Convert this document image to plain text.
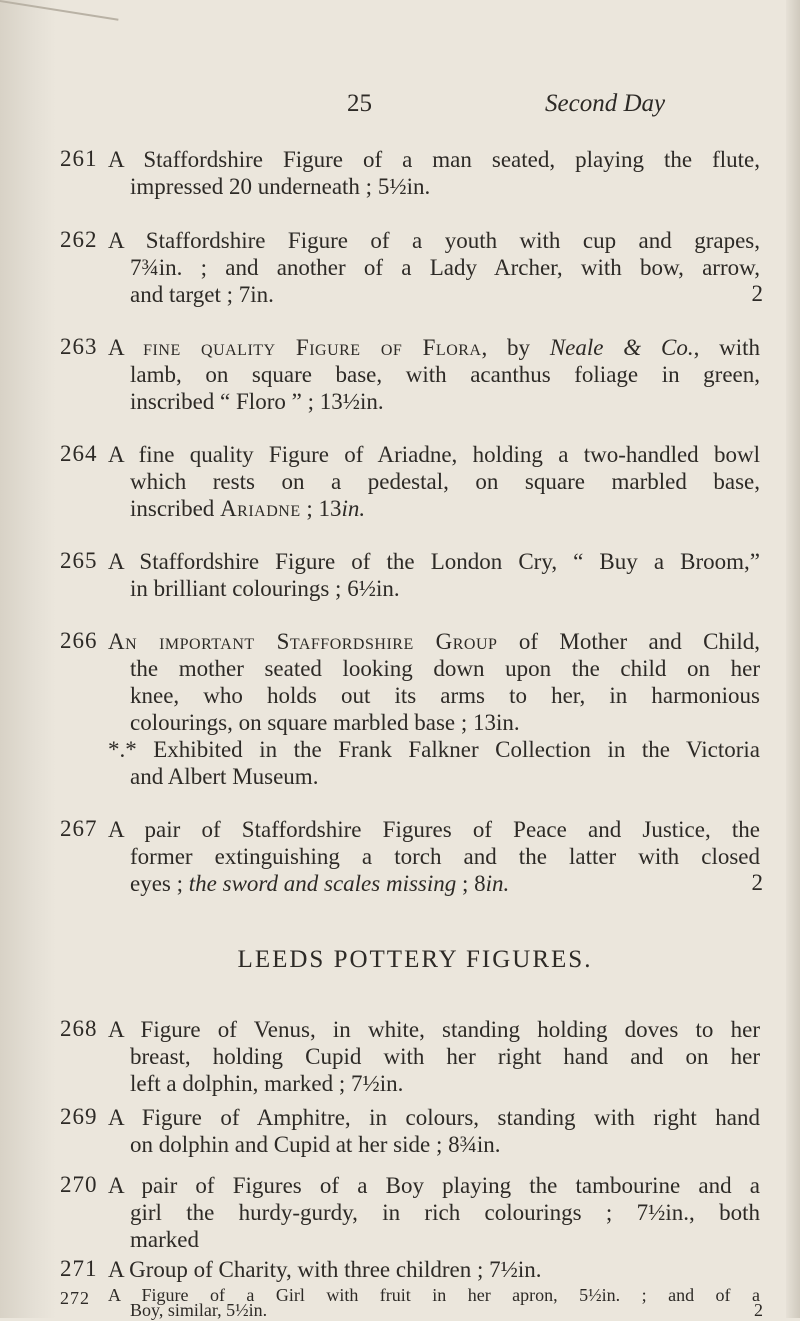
25	Second Day
261 A Staffordshire Figure of a man seated, playing the flute,
impressed 20 underneath ; 5½in.
262 A Staffordshire Figure of a youth with cup and grapes,
7¾in. ; and another of a Lady Archer, with bow, arrow,
and target ; 7in.	2
263 A fine quality Figure of Flora, by Neale & Co., with
lamb, on square base, with acanthus foliage in green,
inscribed “ Floro ” ; 13½in.
264 A fine quality Figure of Ariadne, holding a two-handled bowl
which rests on a pedestal, on square marbled base,
inscribed Ariadne ; 13in.
265 A Staffordshire Figure of the London Cry, “ Buy a Broom,”
in brilliant colourings ; 6½in.
266 An important Staffordshire Group of Mother and Child,
the mother seated looking down upon the child on her
knee, who holds out its arms to her, in harmonious
colourings, on square marbled base ; 13in.
*.* Exhibited in the Frank Falkner Collection in the Victoria
and Albert Museum.
267 A pair of Staffordshire Figures of Peace and Justice, the
former extinguishing a torch and the latter with closed
eyes ; the sword and scales missing ; 8in.	2
LEEDS POTTERY FIGURES.
268 A Figure of Venus, in white, standing holding doves to her
breast, holding Cupid with her right hand and on her
left a dolphin, marked ; 7½in.
269 A Figure of Amphitre, in colours, standing with right hand
on dolphin and Cupid at her side ; 8¾in.
270 A pair of Figures of a Boy playing the tambourine and a
girl the hurdy-gurdy, in rich colourings ; 7½in., both
marked
271 A Group of Charity, with three children ; 7½in.
272 A Figure of a Girl with fruit in her apron, 5½in. ; and of a
Boy, similar, 5½in.	2
